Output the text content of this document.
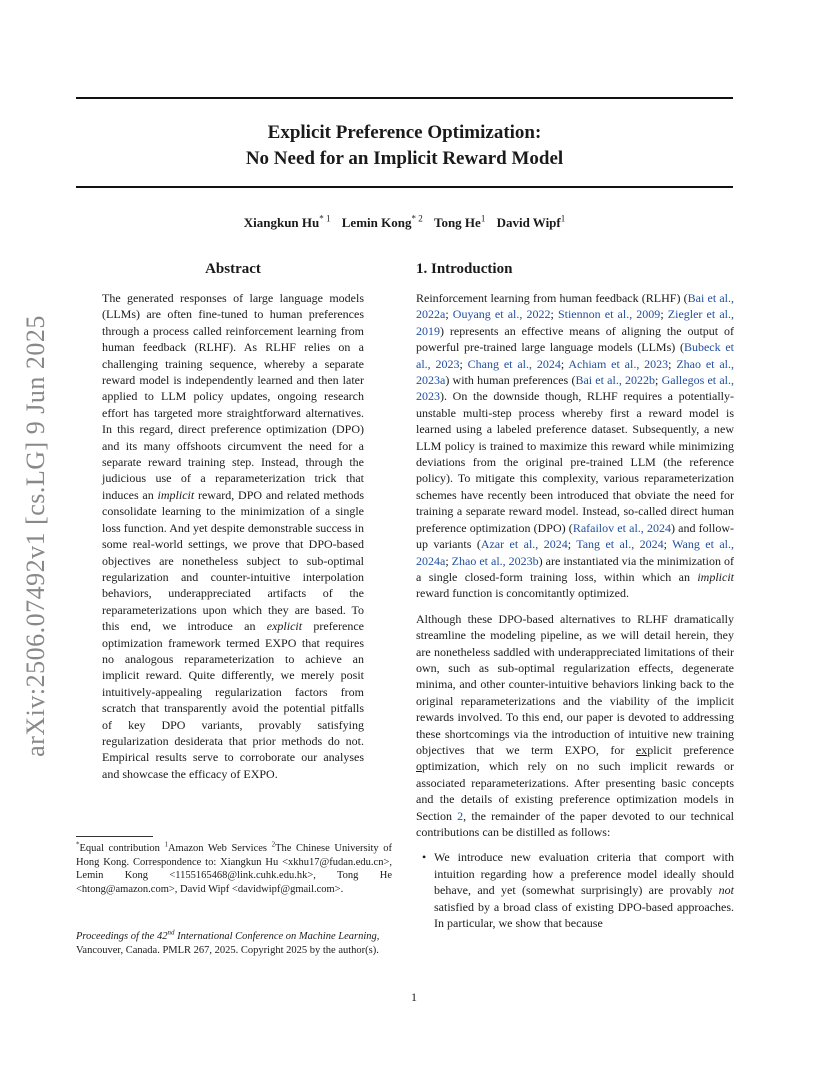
arXiv:2506.07492v1 [cs.LG] 9 Jun 2025
Explicit Preference Optimization:
No Need for an Implicit Reward Model
Xiangkun Hu$^{* 1}$ Lemin Kong$^{* 2}$ Tong He$^1$ David Wipf$^1$
Abstract

The generated responses of large language models (LLMs) are often fine-tuned to human preferences through a process called reinforcement learning from human feedback (RLHF). As RLHF relies on a challenging training sequence, whereby a separate reward model is independently learned and then later applied to LLM policy updates, ongoing research effort has targeted more straightforward alternatives. In this regard, direct preference optimization (DPO) and its many offshoots circumvent the need for a separate reward training step. Instead, through the judicious use of a reparameterization trick that induces an implicit reward, DPO and related methods consolidate learning to the minimization of a single loss function. And yet despite demonstrable success in some real-world settings, we prove that DPO-based objectives are nonetheless subject to sub-optimal regularization and counter-intuitive interpolation behaviors, underappreciated artifacts of the reparameterizations upon which they are based. To this end, we introduce an explicit preference optimization framework termed EXPO that requires no analogous reparameterization to achieve an implicit reward. Quite differently, we merely posit intuitively-appealing regularization factors from scratch that transparently avoid the potential pitfalls of key DPO variants, provably satisfying regularization desiderata that prior methods do not. Empirical results serve to corroborate our analyses and showcase the efficacy of EXPO.

1. Introduction

Reinforcement learning from human feedback (RLHF) (Bai et al., 2022a; Ouyang et al., 2022; Stiennon et al., 2009; Ziegler et al., 2019) represents an effective means of aligning the output of powerful pre-trained large language models (LLMs) (Bubeck et al., 2023; Chang et al., 2024; Achiam et al., 2023; Zhao et al., 2023a) with human preferences (Bai et al., 2022b; Gallegos et al., 2023). On the downside though, RLHF requires a potentially-unstable multi-step process whereby first a reward model is learned using a labeled preference dataset. Subsequently, a new LLM policy is trained to maximize this reward while minimizing deviations from the original pre-trained LLM (the reference policy). To mitigate this complexity, various reparameterization schemes have recently been introduced that obviate the need for training a separate reward model. Instead, so-called direct human preference optimization (DPO) (Rafailov et al., 2024) and follow-up variants (Azar et al., 2024; Tang et al., 2024; Wang et al., 2024a; Zhao et al., 2023b) are instantiated via the minimization of a single closed-form training loss, within which an implicit reward function is concomitantly optimized.

Although these DPO-based alternatives to RLHF dramatically streamline the modeling pipeline, as we will detail herein, they are nonetheless saddled with underappreciated limitations of their own, such as sub-optimal regularization effects, degenerate minima, and other counter-intuitive behaviors linking back to the original reparameterizations and the viability of the implicit rewards involved. To this end, our paper is devoted to addressing these shortcomings via the introduction of intuitive new training objectives that we term EXPO, for explicit preference optimization, which rely on no such implicit rewards or associated reparameterizations. After presenting basic concepts and the details of existing preference optimization models in Section 2, the remainder of the paper devoted to our technical contributions can be distilled as follows:

• We introduce new evaluation criteria that comport with intuition regarding how a preference model ideally should behave, and yet (somewhat surprisingly) are provably not satisfied by a broad class of existing DPO-based approaches. In particular, we show that because
*Equal contribution $^1$Amazon Web Services $^2$The Chinese University of Hong Kong. Correspondence to: Xiangkun Hu <xkhu17@fudan.edu.cn>, Lemin Kong <1155165468@link.cuhk.edu.hk>, Tong He <htong@amazon.com>, David Wipf <davidwipf@gmail.com>.
Proceedings of the 42nd International Conference on Machine Learning, Vancouver, Canada. PMLR 267, 2025. Copyright 2025 by the author(s).
1
